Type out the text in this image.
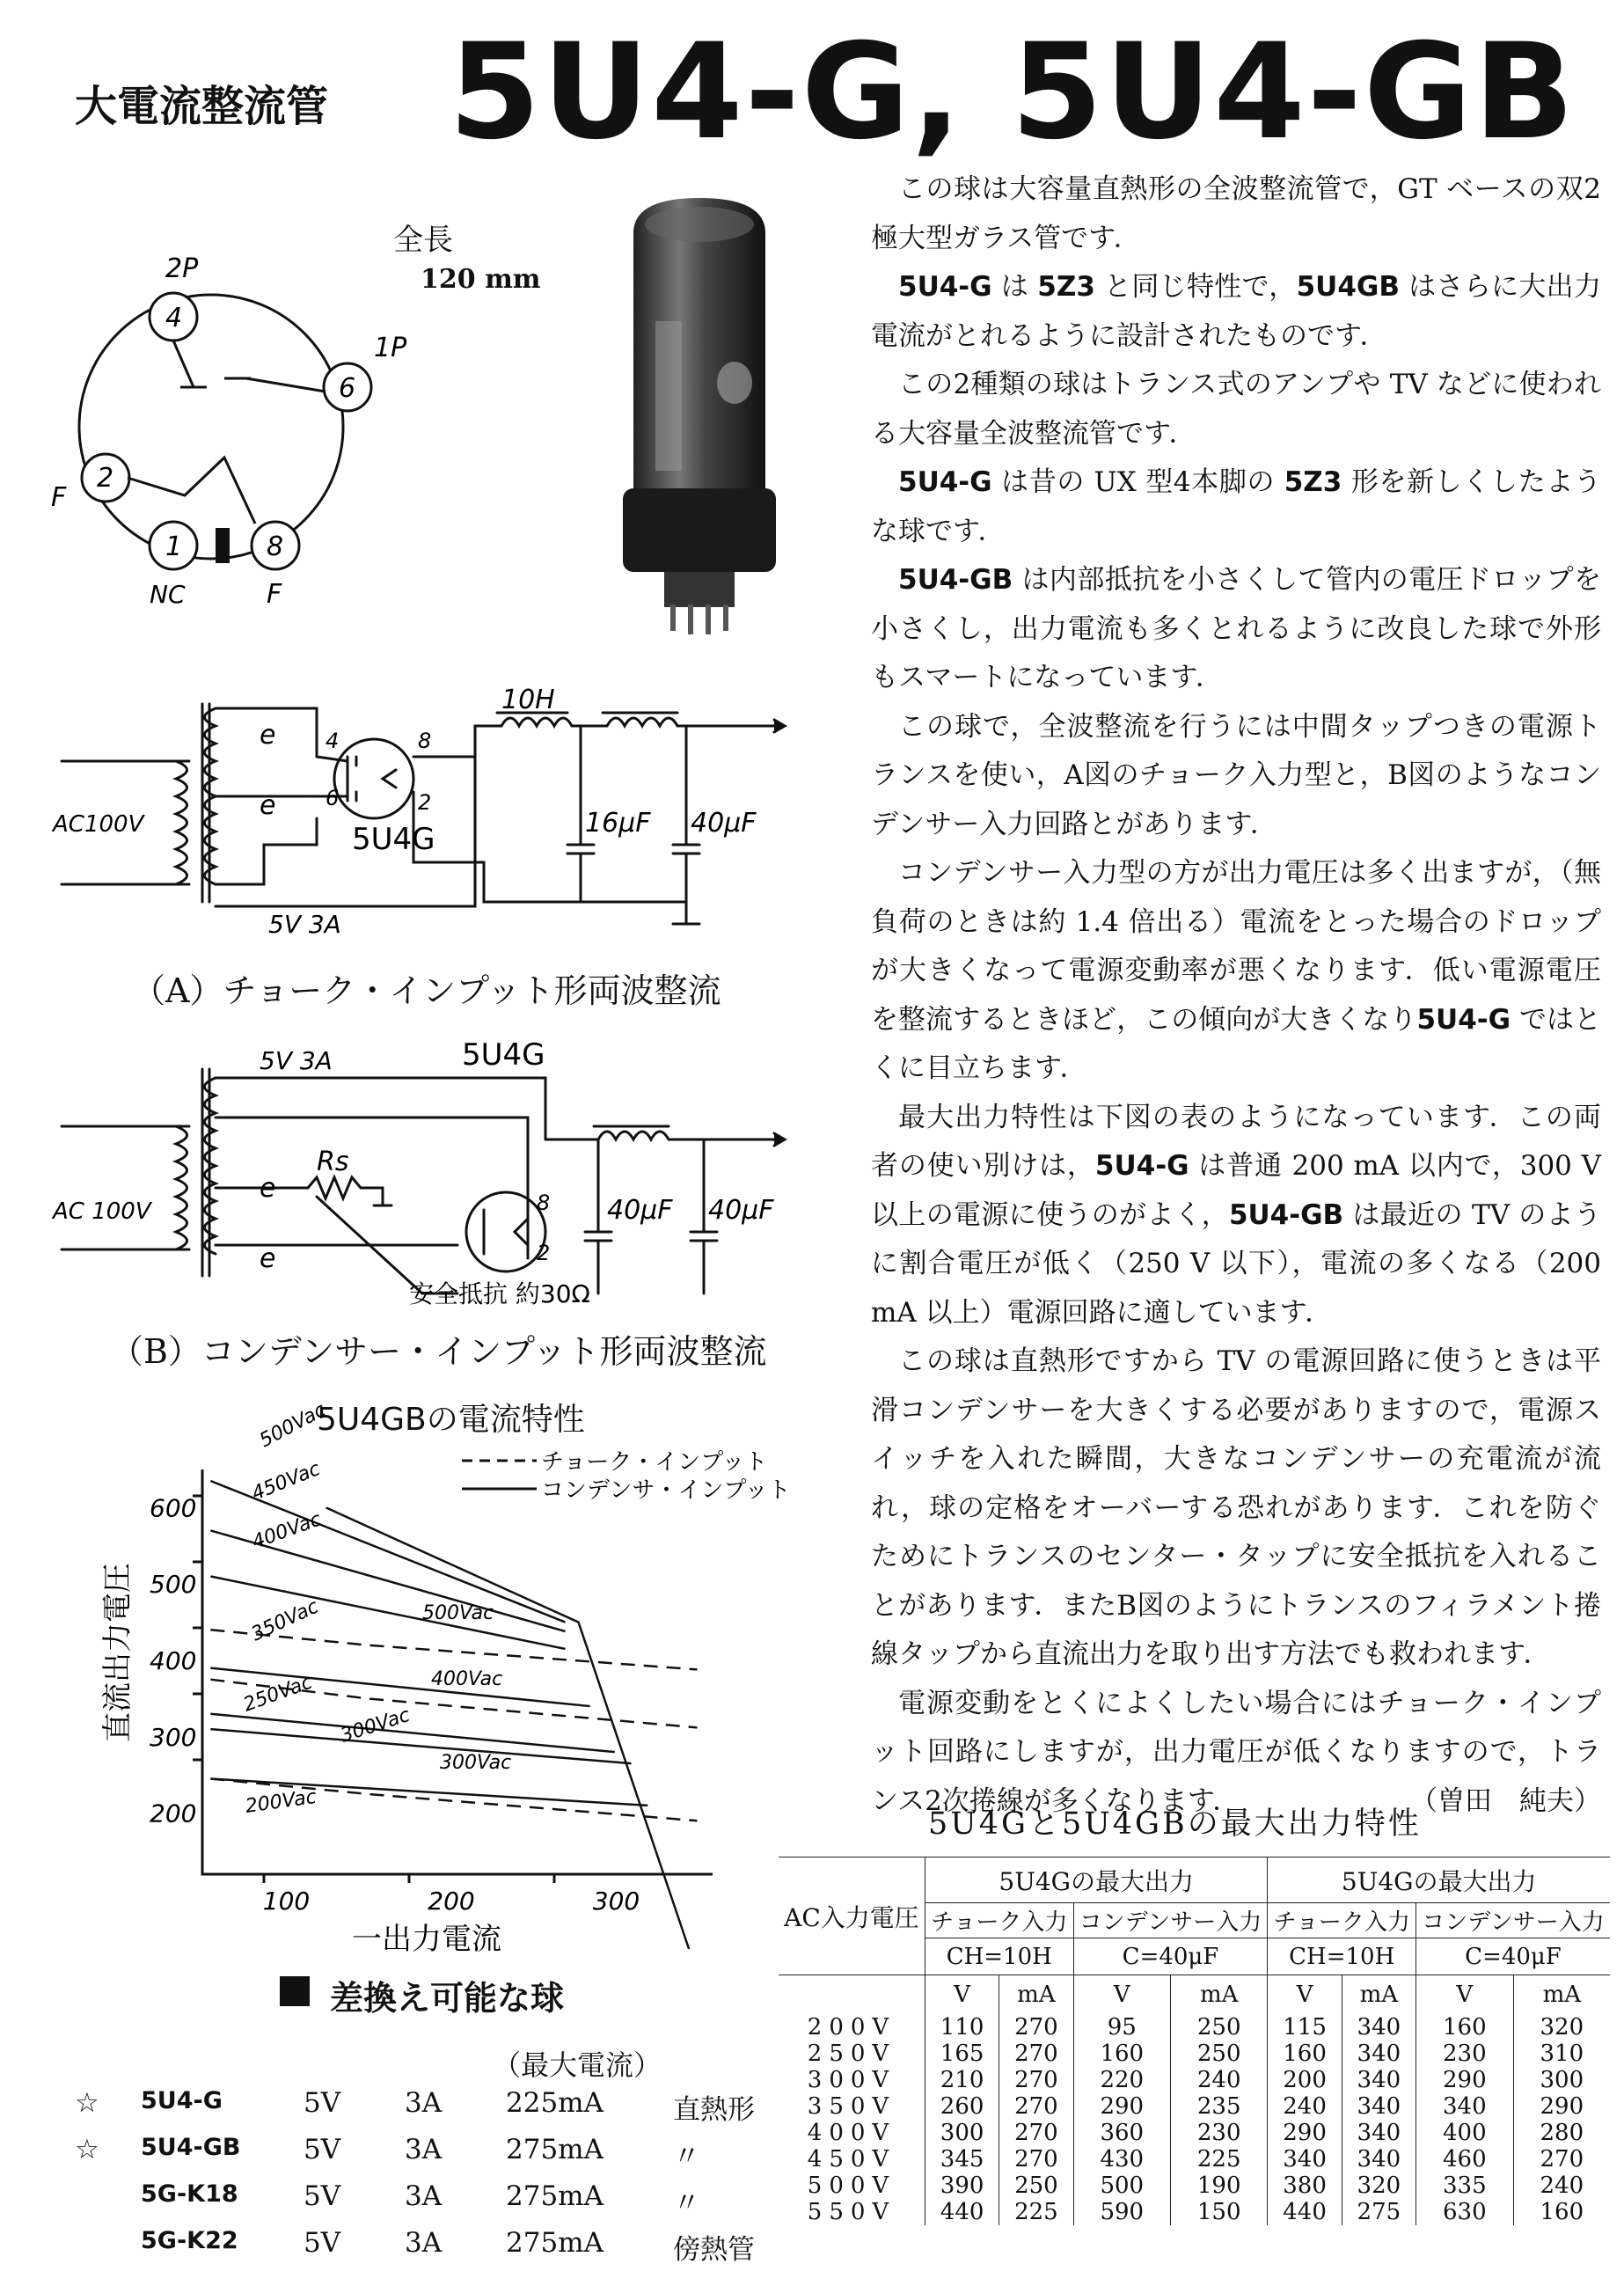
5U4-G, 5U4-GB
大電流整流管
全長
120 mm
2P
4
1P
6
F
2
1	8
NC	F
10H
16μF 40μF
AC100V	5U4G
5V 3A
e
e
4
6
8
2
（A）チョーク・インプット形両波整流
5U4G
5V 3A
40μF 40μF
AC 100V
Rs
安全抵抗 約30Ω
e
e
8
2
（B）コンデンサー・インプット形両波整流
5U4GBの電流特性
600
500
400
300
200
100	200	300
500Vac
450Vac
400Vac
350Vac
250Vac
300Vac
200Vac
500Vac
400Vac
300Vac
チョーク・インプット
コンデンサ・インプット
直流出力電圧
一出力電流

この球は大容量直熱形の全波整流管で，GT ベースの双2極大型ガラス管です．

5U4-G は 5Z3 と同じ特性で，5U4GB はさらに大出力電流がとれるように設計されたものです．

この2種類の球はトランス式のアンプや TV などに使われる大容量全波整流管です．

5U4-G は昔の UX 型4本脚の 5Z3 形を新しくしたような球です．

5U4-GB は内部抵抗を小さくして管内の電圧ドロップを小さくし，出力電流も多くとれるように改良した球で外形もスマートになっています．

この球で，全波整流を行うには中間タップつきの電源トランスを使い，A図のチョーク入力型と，B図のようなコンデンサー入力回路とがあります．

コンデンサー入力型の方が出力電圧は多く出ますが，（無負荷のときは約 1.4 倍出る）電流をとった場合のドロップが大きくなって電源変動率が悪くなります．低い電源電圧を整流するときほど，この傾向が大きくなり5U4-G ではとくに目立ちます．

最大出力特性は下図の表のようになっています．この両者の使い別けは，5U4-G は普通 200 mA 以内で，300 V以上の電源に使うのがよく，5U4-GB は最近の TV のように割合電圧が低く（250 V 以下），電流の多くなる（200 mA 以上）電源回路に適しています．

この球は直熱形ですから TV の電源回路に使うときは平滑コンデンサーを大きくする必要がありますので，電源スイッチを入れた瞬間，大きなコンデンサーの充電流が流れ，球の定格をオーバーする恐れがあります．これを防ぐためにトランスのセンター・タップに安全抵抗を入れることがあります．またB図のようにトランスのフィラメント捲線タップから直流出力を取り出す方法でも救われます．

電源変動をとくによくしたい場合にはチョーク・インプット回路にしますが，出力電圧が低くなりますので，トランス2次捲線が多くなります．	（曽田　純夫）

5U4Gと5U4GBの最大出力特性
AC入力電圧	5U4Gの最大出力				5U4Gの最大出力			
	チョーク入力		コンデンサー入力		チョーク入力		コンデンサー入力	
	CH=10H		C=40μF		CH=10H		C=40μF	
	V	mA	V	mA	V	mA	V	mA
200V	110	270	95	250	115	340	160	320
250V	165	270	160	250	160	340	230	310
300V	210	270	220	240	200	340	290	300
350V	260	270	290	235	240	340	340	290
400V	300	270	360	230	290	340	400	280
450V	345	270	430	225	340	340	460	270
500V	390	250	500	190	380	320	335	240
550V	440	225	590	150	440	275	630	160
差換え可能な球
（最大電流）
☆ 5U4-G	5V 3A 225mA	直熱形
☆ 5U4-GB 5V 3A 275mA	〃
5G-K18 5V 3A 275mA	〃
5G-K22 5V 3A 275mA	傍熱管
